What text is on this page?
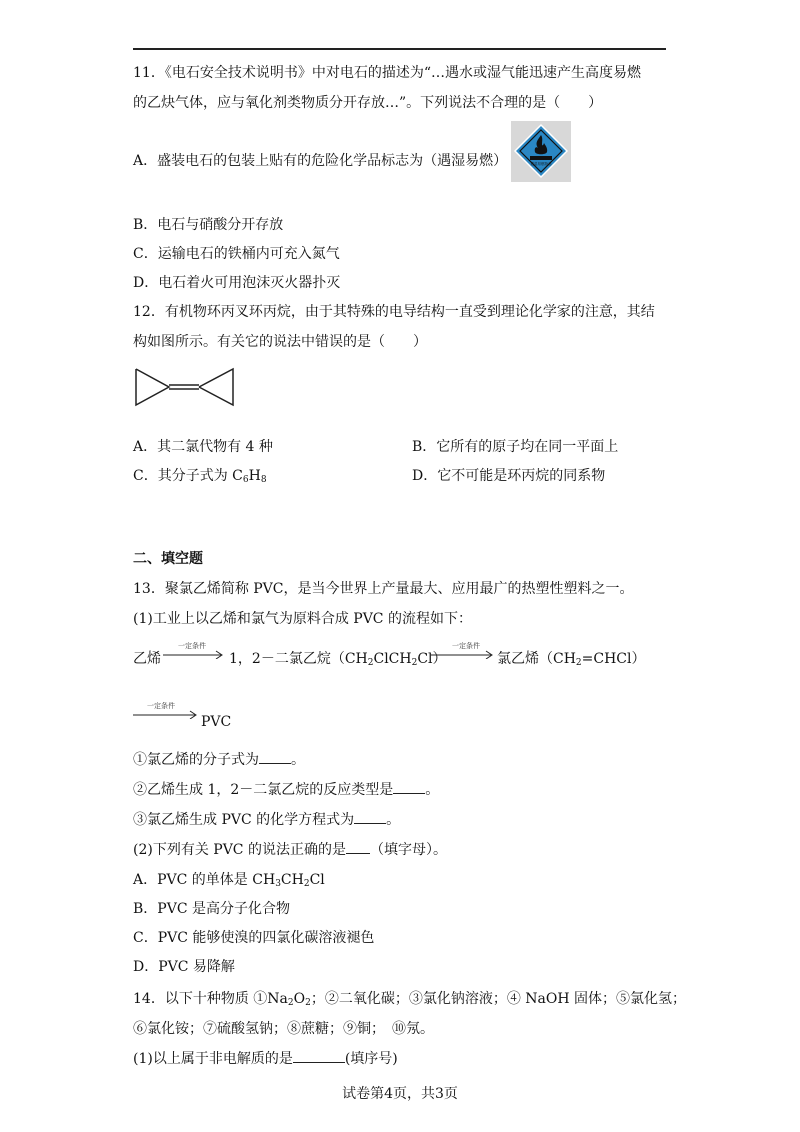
11．《电石安全技术说明书》中对电石的描述为“…遇水或湿气能迅速产生高度易燃
的乙炔气体，应与氧化剂类物质分开存放…”。下列说法不合理的是（　　）
A．盛装电石的包装上贴有的危险化学品标志为（遇湿易燃）	遇湿易燃物品
B．电石与硝酸分开存放
C．运输电石的铁桶内可充入氮气
D．电石着火可用泡沫灭火器扑灭
12．有机物环丙叉环丙烷，由于其特殊的电导结构一直受到理论化学家的注意，其结
构如图所示。有关它的说法中错误的是（　　）
A．其二氯代物有 4 种	B．它所有的原子均在同一平面上
C．其分子式为 $C_6H_8$	D．它不可能是环丙烷的同系物
二、填空题
13．聚氯乙烯简称 PVC，是当今世界上产量最大、应用最广的热塑性塑料之一。
(1)工业上以乙烯和氯气为原料合成 PVC 的流程如下：
乙烯
一定条件
1，2－二氯乙烷$(CH_2ClCH_2Cl)$
一定条件
氯乙烯$(CH_2=CHCl)$
一定条件
PVC
①氯乙烯的分子式为 。
②乙烯生成 1，2－二氯乙烷的反应类型是 。
③氯乙烯生成 PVC 的化学方程式为 。
(2)下列有关 PVC 的说法正确的是 （填字母）。
A．PVC 的单体是 $CH_3CH_2Cl$
B．PVC 是高分子化合物
C．PVC 能够使溴的四氯化碳溶液褪色
D．PVC 易降解
14．以下十种物质 $①Na_2O_2$；②二氧化碳；③氯化钠溶液；④ NaOH 固体；⑤氯化氢；
⑥氯化铵；⑦硫酸氢钠；⑧蔗糖；⑨铜；　⑩氖。
(1)以上属于非电解质的是	(填序号)
试卷第4页，共3页
